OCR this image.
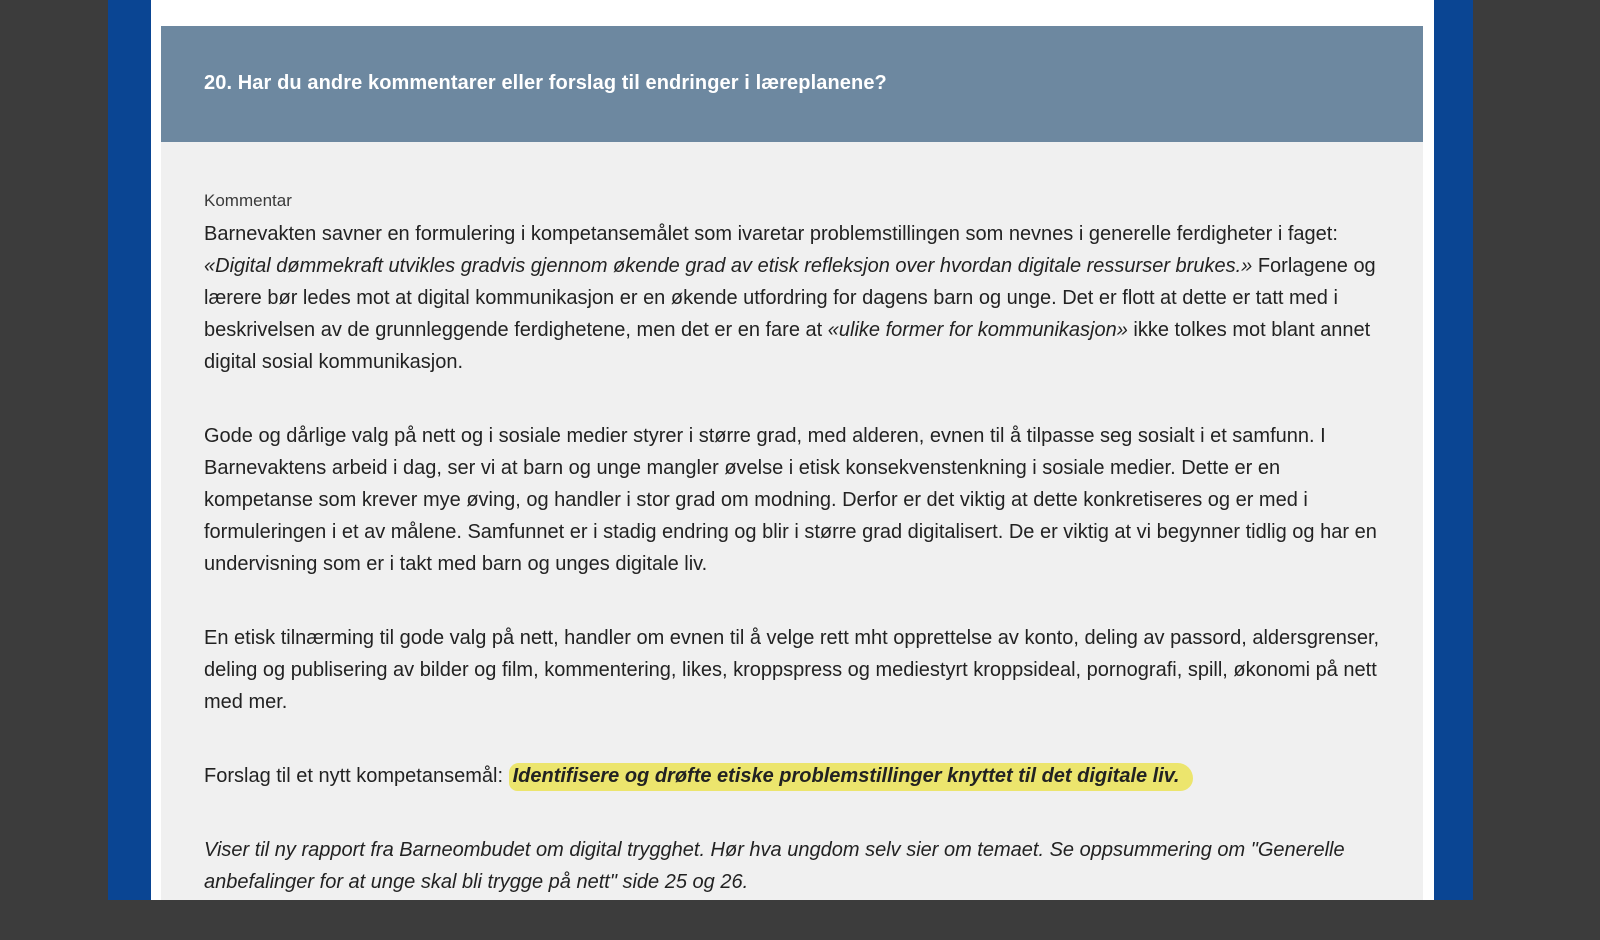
20. Har du andre kommentarer eller forslag til endringer i læreplanene?
Kommentar

Barnevakten savner en formulering i kompetansemålet som ivaretar problemstillingen som nevnes i generelle ferdigheter i faget: «Digital dømmekraft utvikles gradvis gjennom økende grad av etisk refleksjon over hvordan digitale ressurser brukes.» Forlagene og lærere bør ledes mot at digital kommunikasjon er en økende utfordring for dagens barn og unge. Det er flott at dette er tatt med i beskrivelsen av de grunnleggende ferdighetene, men det er en fare at «ulike former for kommunikasjon» ikke tolkes mot blant annet digital sosial kommunikasjon.

Gode og dårlige valg på nett og i sosiale medier styrer i større grad, med alderen, evnen til å tilpasse seg sosialt i et samfunn. I Barnevaktens arbeid i dag, ser vi at barn og unge mangler øvelse i etisk konsekvenstenkning i sosiale medier. Dette er en kompetanse som krever mye øving, og handler i stor grad om modning. Derfor er det viktig at dette konkretiseres og er med i formuleringen i et av målene. Samfunnet er i stadig endring og blir i større grad digitalisert. De er viktig at vi begynner tidlig og har en undervisning som er i takt med barn og unges digitale liv.

En etisk tilnærming til gode valg på nett, handler om evnen til å velge rett mht opprettelse av konto, deling av passord, aldersgrenser, deling og publisering av bilder og film, kommentering, likes, kroppspress og mediestyrt kroppsideal, pornografi, spill, økonomi på nett med mer.

Forslag til et nytt kompetansemål: Identifisere og drøfte etiske problemstillinger knyttet til det digitale liv.

Viser til ny rapport fra Barneombudet om digital trygghet. Hør hva ungdom selv sier om temaet. Se oppsummering om "Generelle anbefalinger for at unge skal bli trygge på nett" side 25 og 26.
